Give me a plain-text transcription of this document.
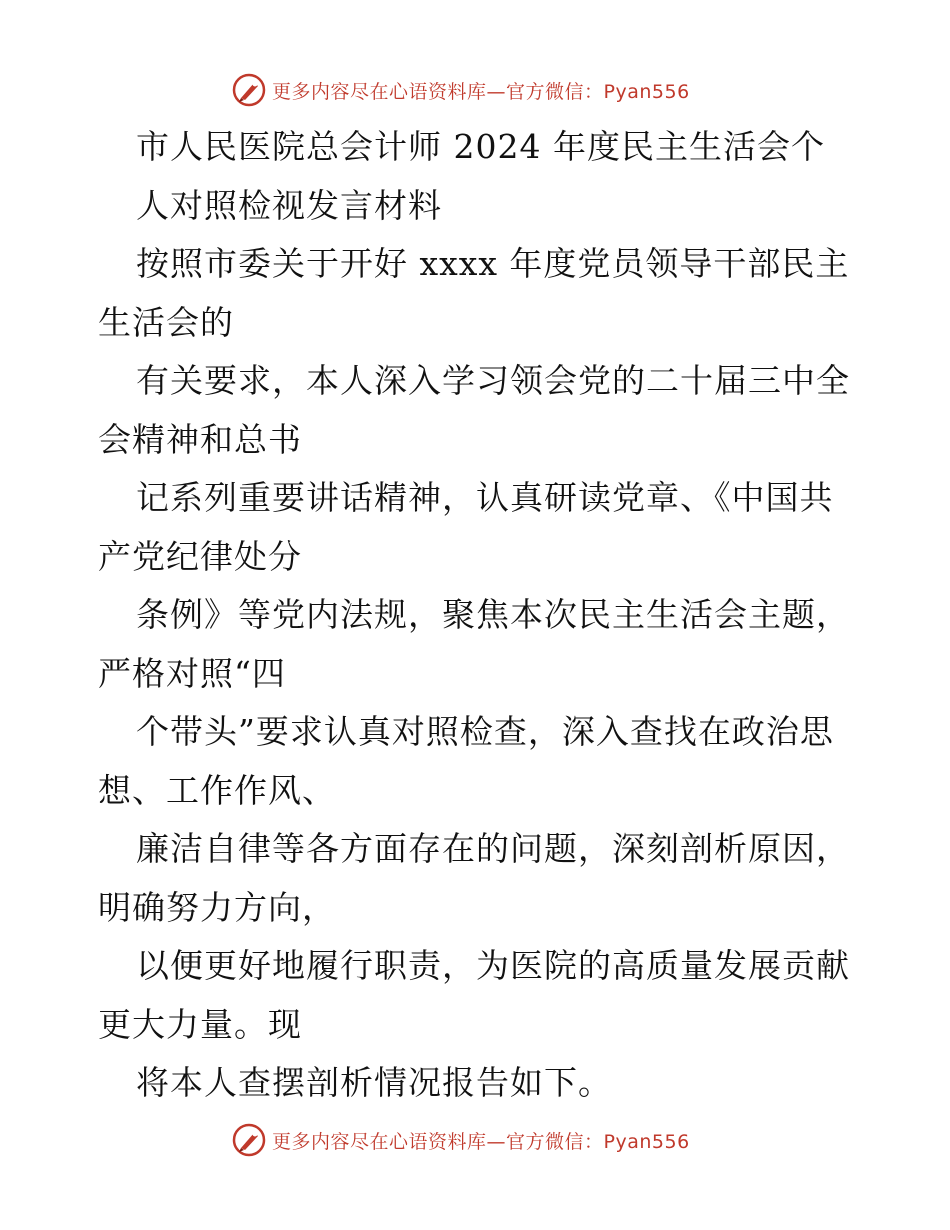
更多内容尽在心语资料库—官方微信：Pyan556
市人民医院总会计师 2024 年度民主生活会个
人对照检视发言材料
按照市委关于开好 xxxx 年度党员领导干部民主
生活会的
有关要求，本人深入学习领会党的二十届三中全
会精神和总书
记系列重要讲话精神，认真研读党章、《中国共
产党纪律处分
条例》等党内法规，聚焦本次民主生活会主题，
严格对照“四
个带头”要求认真对照检查，深入查找在政治思
想、工作作风、
廉洁自律等各方面存在的问题，深刻剖析原因，
明确努力方向，
以便更好地履行职责，为医院的高质量发展贡献
更大力量。现
将本人查摆剖析情况报告如下。
更多内容尽在心语资料库—官方微信：Pyan556
